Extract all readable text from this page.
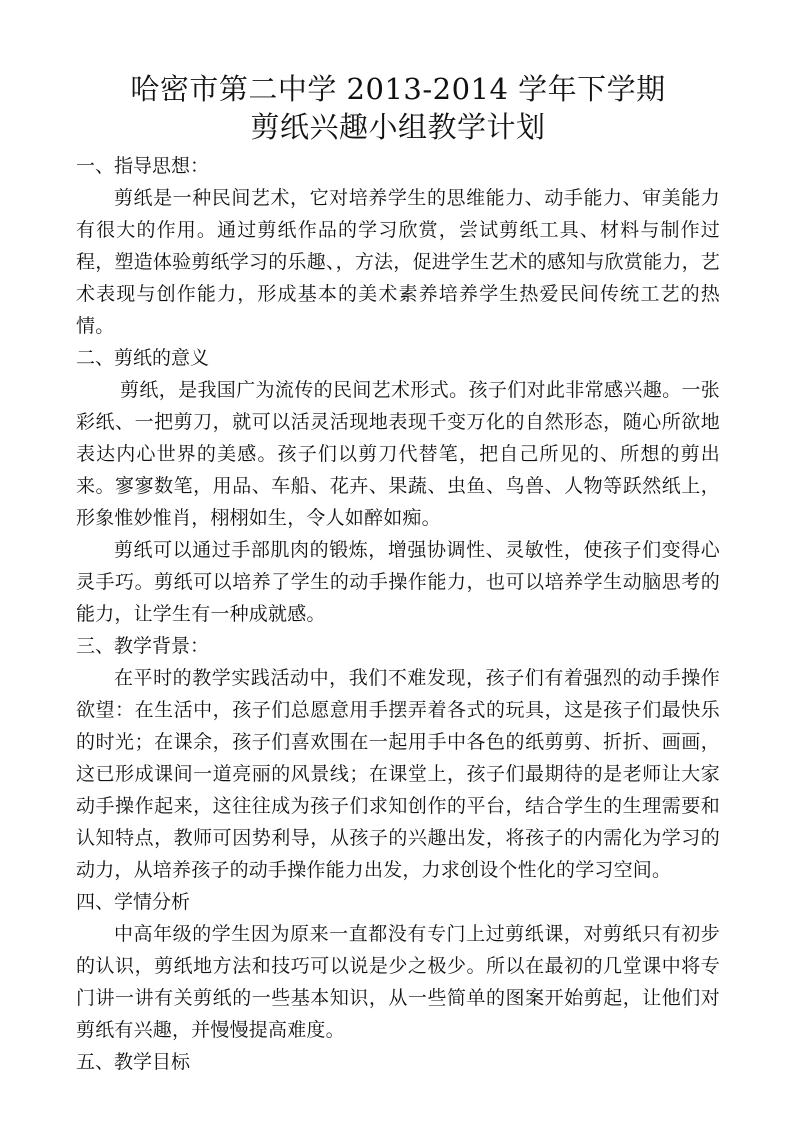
哈密市第二中学 2013-2014 学年下学期
剪纸兴趣小组教学计划

一、指导思想：

剪纸是一种民间艺术，它对培养学生的思维能力、动手能力、审美能力有很大的作用。通过剪纸作品的学习欣赏，尝试剪纸工具、材料与制作过程，塑造体验剪纸学习的乐趣、，方法，促进学生艺术的感知与欣赏能力，艺术表现与创作能力，形成基本的美术素养培养学生热爱民间传统工艺的热情。

二、剪纸的意义

剪纸，是我国广为流传的民间艺术形式。孩子们对此非常感兴趣。一张彩纸、一把剪刀，就可以活灵活现地表现千变万化的自然形态，随心所欲地表达内心世界的美感。孩子们以剪刀代替笔，把自己所见的、所想的剪出来。寥寥数笔，用品、车船、花卉、果蔬、虫鱼、鸟兽、人物等跃然纸上，形象惟妙惟肖，栩栩如生，令人如醉如痴。

剪纸可以通过手部肌肉的锻炼，增强协调性、灵敏性，使孩子们变得心灵手巧。剪纸可以培养了学生的动手操作能力，也可以培养学生动脑思考的能力，让学生有一种成就感。

三、教学背景：

在平时的教学实践活动中，我们不难发现，孩子们有着强烈的动手操作欲望：在生活中，孩子们总愿意用手摆弄着各式的玩具，这是孩子们最快乐的时光；在课余，孩子们喜欢围在一起用手中各色的纸剪剪、折折、画画，这已形成课间一道亮丽的风景线；在课堂上，孩子们最期待的是老师让大家动手操作起来，这往往成为孩子们求知创作的平台，结合学生的生理需要和认知特点，教师可因势利导，从孩子的兴趣出发，将孩子的内需化为学习的动力，从培养孩子的动手操作能力出发，力求创设个性化的学习空间。

四、学情分析

中高年级的学生因为原来一直都没有专门上过剪纸课，对剪纸只有初步的认识，剪纸地方法和技巧可以说是少之极少。所以在最初的几堂课中将专门讲一讲有关剪纸的一些基本知识，从一些简单的图案开始剪起，让他们对剪纸有兴趣，并慢慢提高难度。

五、教学目标
